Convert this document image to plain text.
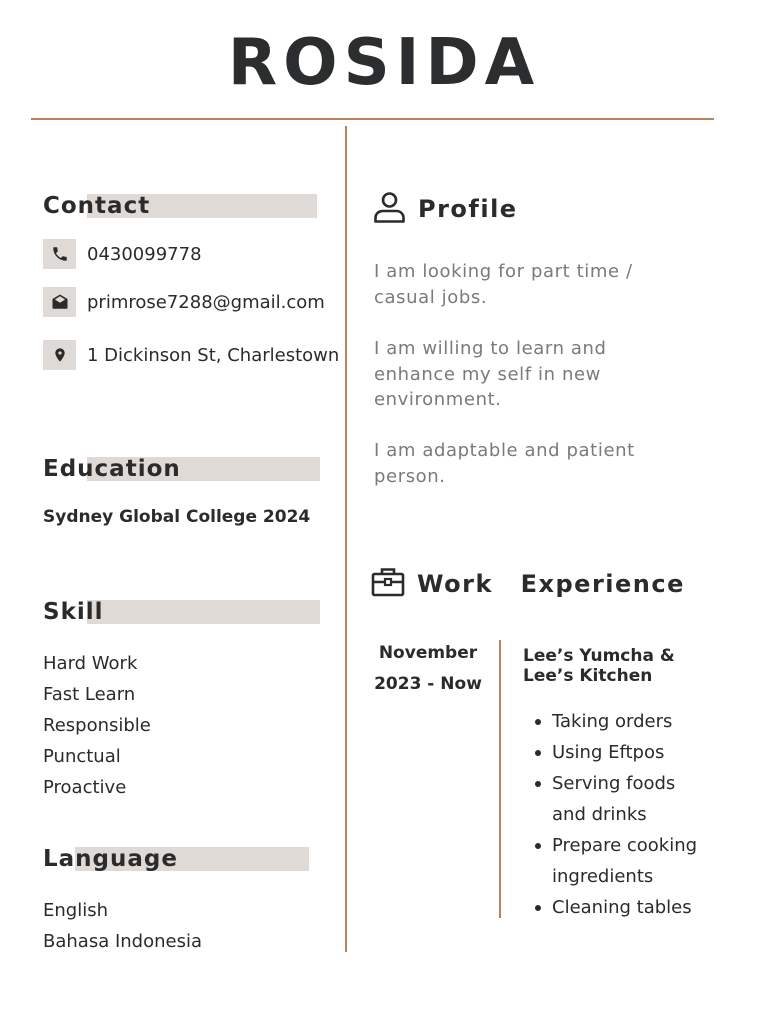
ROSIDA
Contact
0430099778
primrose7288@gmail.com
1 Dickinson St, Charlestown
Education
Sydney Global College 2024
Skill
Hard Work
Fast Learn
Responsible
Punctual
Proactive
Language
English
Bahasa Indonesia
Profile

I am looking for part time / casual jobs.

I am willing to learn and enhance my self in new environment.

I am adaptable and patient person.

Work  Experience
November
2023 - Now
Lee’s Yumcha &
Lee’s Kitchen
Taking orders
Using Eftpos
Serving foods and drinks
Prepare cooking ingredients
Cleaning tables
